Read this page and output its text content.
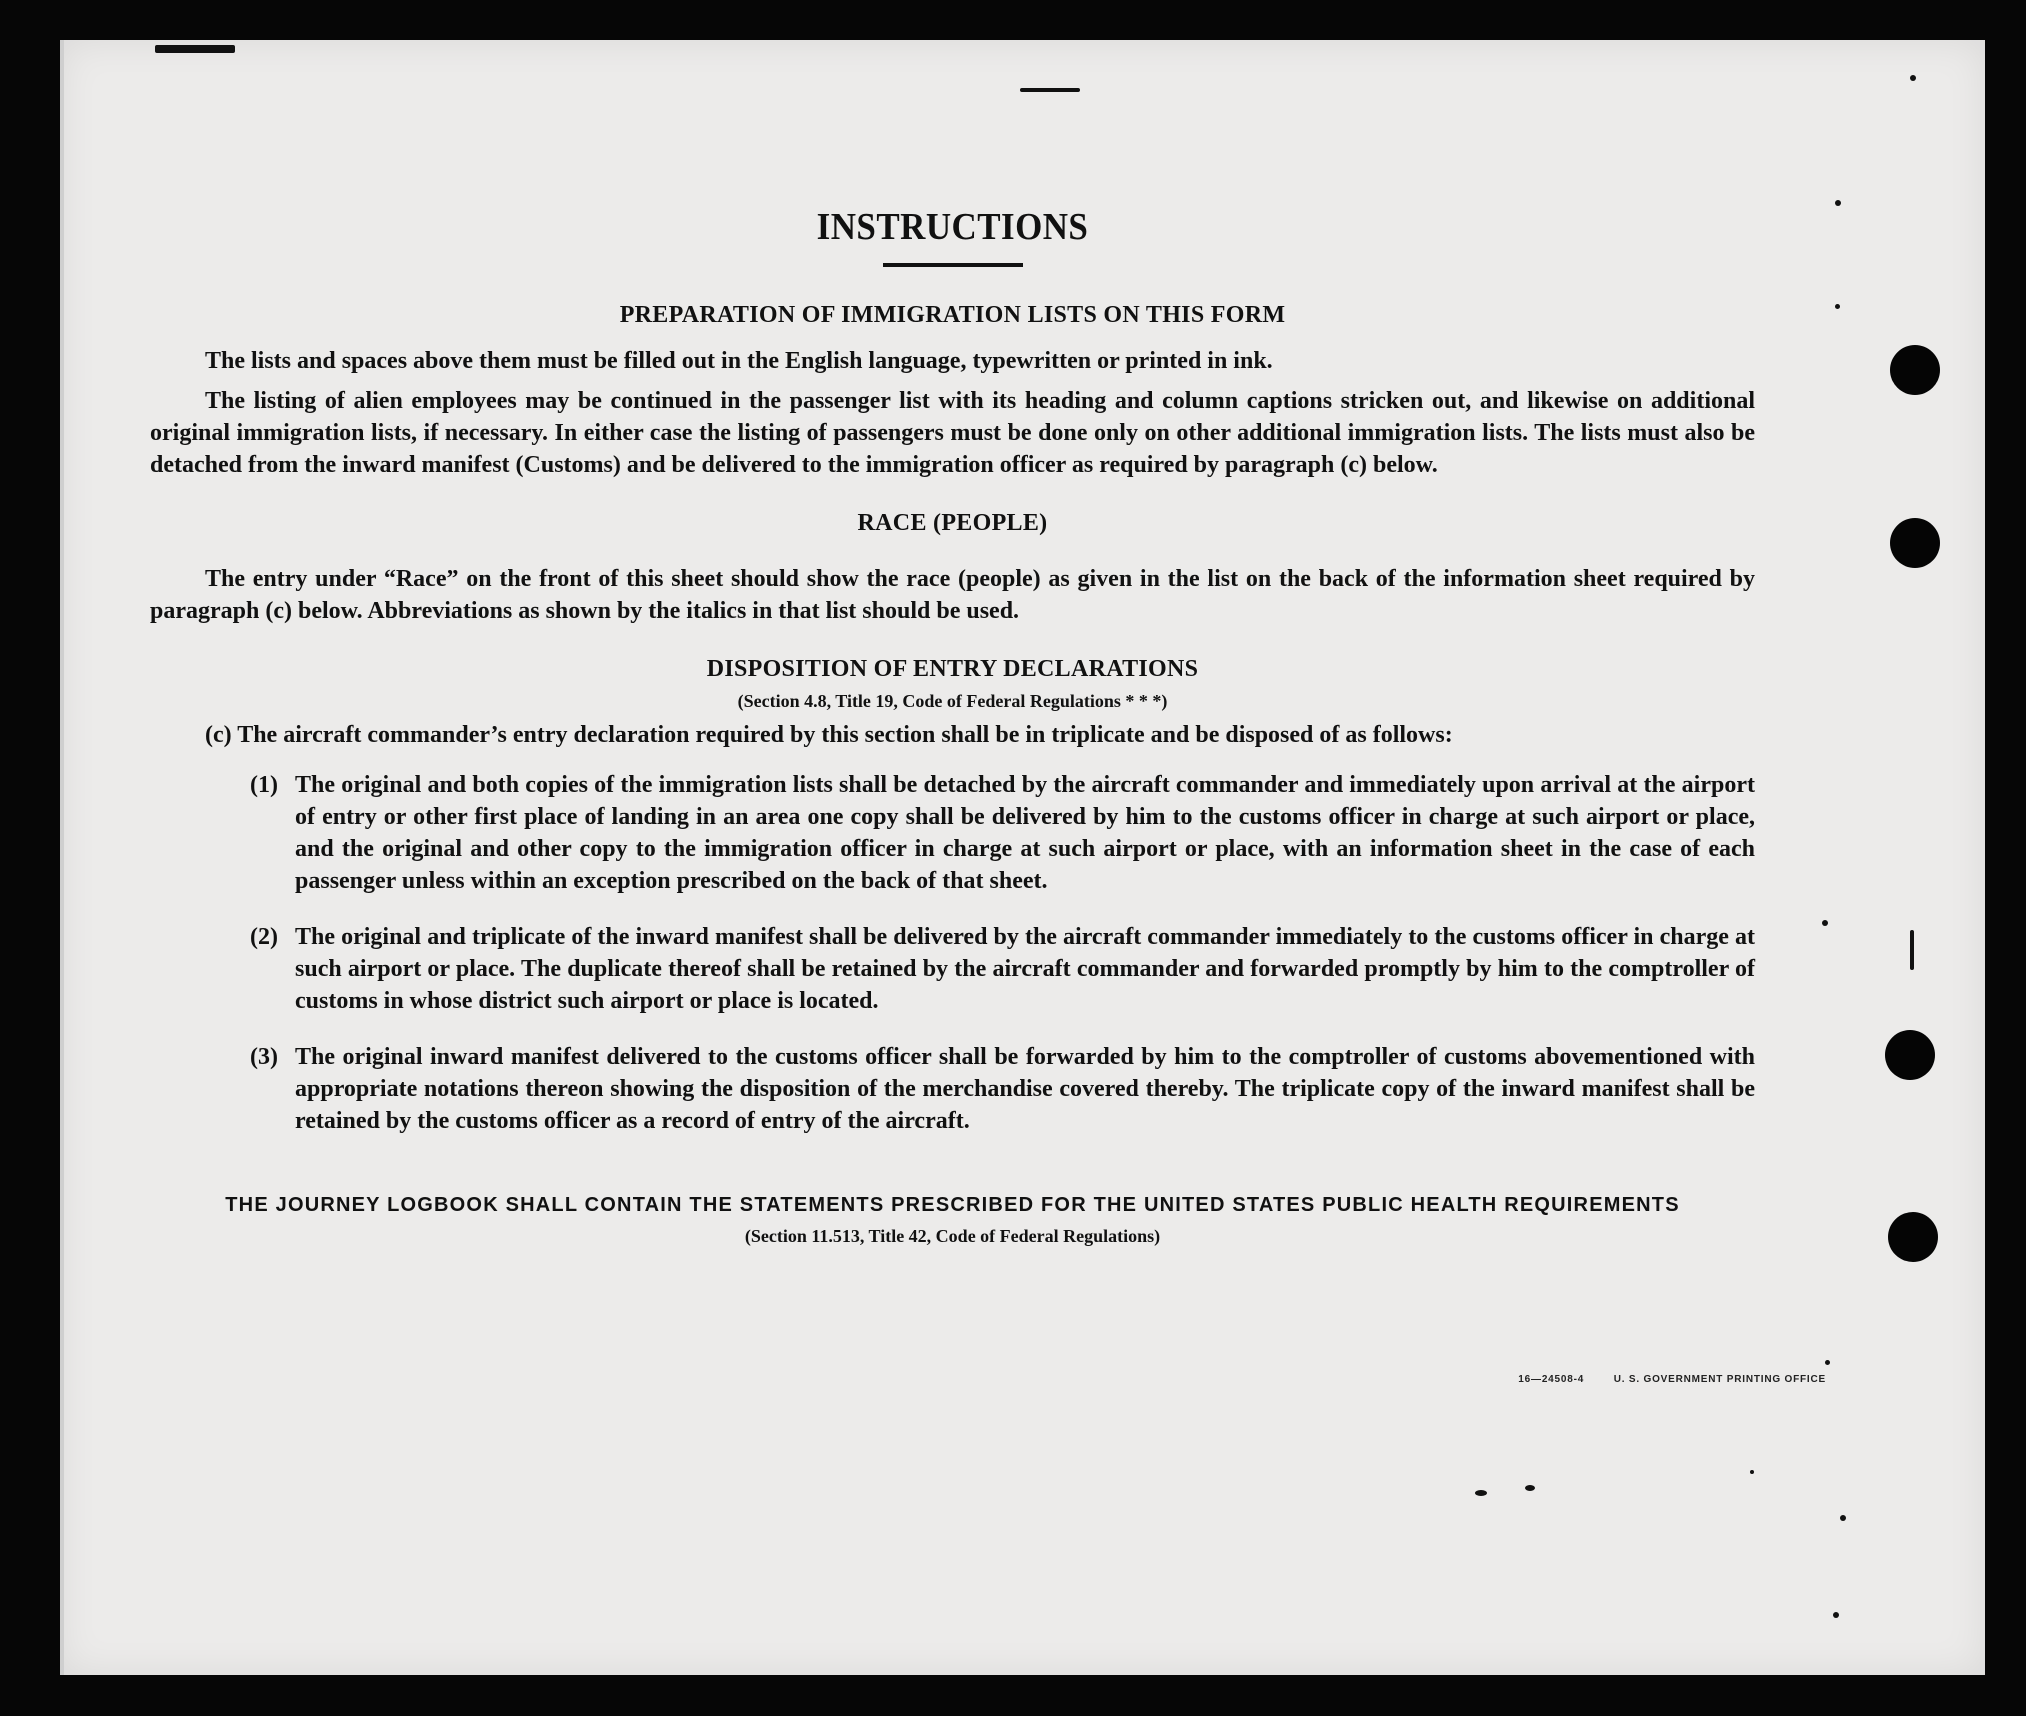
INSTRUCTIONS
PREPARATION OF IMMIGRATION LISTS ON THIS FORM

The lists and spaces above them must be filled out in the English language, typewritten or printed in ink.

The listing of alien employees may be continued in the passenger list with its heading and column captions stricken out, and likewise on additional original immigration lists, if necessary. In either case the listing of passengers must be done only on other additional immigration lists. The lists must also be detached from the inward manifest (Customs) and be delivered to the immigration officer as required by paragraph (c) below.

RACE (PEOPLE)

The entry under “Race” on the front of this sheet should show the race (people) as given in the list on the back of the information sheet required by paragraph (c) below. Abbreviations as shown by the italics in that list should be used.

DISPOSITION OF ENTRY DECLARATIONS
(Section 4.8, Title 19, Code of Federal Regulations * * *)

(c) The aircraft commander’s entry declaration required by this section shall be in triplicate and be disposed of as follows:

(1) The original and both copies of the immigration lists shall be detached by the aircraft commander and immediately upon arrival at the airport of entry or other first place of landing in an area one copy shall be delivered by him to the customs officer in charge at such airport or place, and the original and other copy to the immigration officer in charge at such airport or place, with an information sheet in the case of each passenger unless within an exception prescribed on the back of that sheet.
(2) The original and triplicate of the inward manifest shall be delivered by the aircraft commander immediately to the customs officer in charge at such airport or place. The duplicate thereof shall be retained by the aircraft commander and forwarded promptly by him to the comptroller of customs in whose district such airport or place is located.
(3) The original inward manifest delivered to the customs officer shall be forwarded by him to the comptroller of customs abovementioned with appropriate notations thereon showing the disposition of the merchandise covered thereby. The triplicate copy of the inward manifest shall be retained by the customs officer as a record of entry of the aircraft.
THE JOURNEY LOGBOOK SHALL CONTAIN THE STATEMENTS PRESCRIBED FOR THE UNITED STATES PUBLIC HEALTH REQUIREMENTS
(Section 11.513, Title 42, Code of Federal Regulations)
16—24508-4	U. S. GOVERNMENT PRINTING OFFICE
